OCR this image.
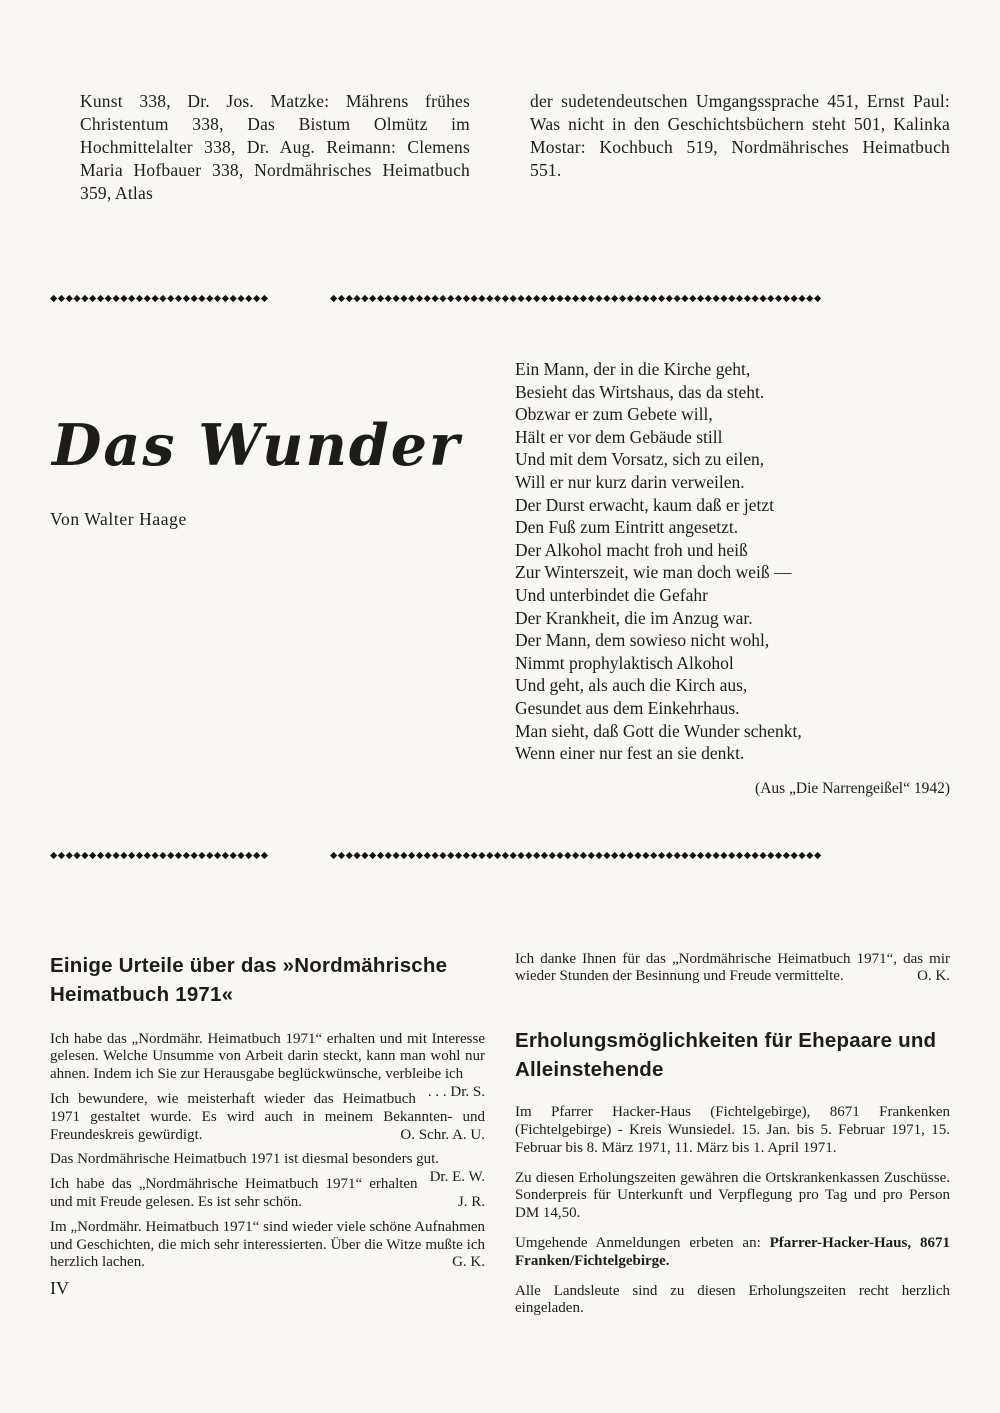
Kunst 338, Dr. Jos. Matzke: Mährens frühes Christentum 338, Das Bistum Olmütz im Hochmittelalter 338, Dr. Aug. Reimann: Clemens Maria Hofbauer 338, Nordmährisches Heimatbuch 359, Atlas
der sudetendeutschen Umgangssprache 451, Ernst Paul: Was nicht in den Geschichtsbüchern steht 501, Kalinka Mostar: Kochbuch 519, Nordmährisches Heimatbuch 551.
◆◆◆◆◆◆◆◆◆◆◆◆◆◆◆◆◆◆◆◆◆◆◆◆◆◆◆◆	◆◆◆◆◆◆◆◆◆◆◆◆◆◆◆◆◆◆◆◆◆◆◆◆◆◆◆◆◆◆◆◆◆◆◆◆◆◆◆◆◆◆◆◆◆◆◆◆◆◆◆◆◆◆◆◆◆◆◆◆◆◆◆
Das Wunder
Von Walter Haage
Ein Mann, der in die Kirche geht,
Besieht das Wirtshaus, das da steht.
Obzwar er zum Gebete will,
Hält er vor dem Gebäude still
Und mit dem Vorsatz, sich zu eilen,
Will er nur kurz darin verweilen.
Der Durst erwacht, kaum daß er jetzt
Den Fuß zum Eintritt angesetzt.
Der Alkohol macht froh und heiß
Zur Winterszeit, wie man doch weiß —
Und unterbindet die Gefahr
Der Krankheit, die im Anzug war.
Der Mann, dem sowieso nicht wohl,
Nimmt prophylaktisch Alkohol
Und geht, als auch die Kirch aus,
Gesundet aus dem Einkehrhaus.
Man sieht, daß Gott die Wunder schenkt,
Wenn einer nur fest an sie denkt.
(Aus „Die Narrengeißel“ 1942)
◆◆◆◆◆◆◆◆◆◆◆◆◆◆◆◆◆◆◆◆◆◆◆◆◆◆◆◆	◆◆◆◆◆◆◆◆◆◆◆◆◆◆◆◆◆◆◆◆◆◆◆◆◆◆◆◆◆◆◆◆◆◆◆◆◆◆◆◆◆◆◆◆◆◆◆◆◆◆◆◆◆◆◆◆◆◆◆◆◆◆◆
Einige Urteile über das »Nordmährische Heimatbuch 1971«

Ich habe das „Nordmähr. Heimatbuch 1971“ erhalten und mit Interesse gelesen. Welche Unsumme von Arbeit darin steckt, kann man wohl nur ahnen. Indem ich Sie zur Herausgabe beglückwünsche, verbleibe ich
. . . Dr. S.

Ich bewundere, wie meisterhaft wieder das Heimatbuch 1971 gestaltet wurde. Es wird auch in meinem Bekannten- und Freundeskreis gewürdigt.	O. Schr. A. U.

Das Nordmährische Heimatbuch 1971 ist diesmal besonders gut.
Dr. E. W.

Ich habe das „Nordmährische Heimatbuch 1971“ erhalten und mit Freude gelesen. Es ist sehr schön.	J. R.

Im „Nordmähr. Heimatbuch 1971“ sind wieder viele schöne Aufnahmen und Geschichten, die mich sehr interessierten. Über die Witze mußte ich herzlich lachen.	G. K.

Ich danke Ihnen für das „Nordmährische Heimatbuch 1971“, das mir wieder Stunden der Besinnung und Freude vermittelte.	O. K.

Erholungsmöglichkeiten für Ehepaare und Alleinstehende

Im Pfarrer Hacker-Haus (Fichtelgebirge), 8671 Frankenken (Fichtelgebirge) - Kreis Wunsiedel. 15. Jan. bis 5. Februar 1971, 15. Februar bis 8. März 1971, 11. März bis 1. April 1971.

Zu diesen Erholungszeiten gewähren die Ortskrankenkassen Zuschüsse. Sonderpreis für Unterkunft und Verpflegung pro Tag und pro Person DM 14,50.

Umgehende Anmeldungen erbeten an: Pfarrer-Hacker-Haus, 8671 Franken/Fichtelgebirge.

Alle Landsleute sind zu diesen Erholungszeiten recht herzlich eingeladen.

IV
